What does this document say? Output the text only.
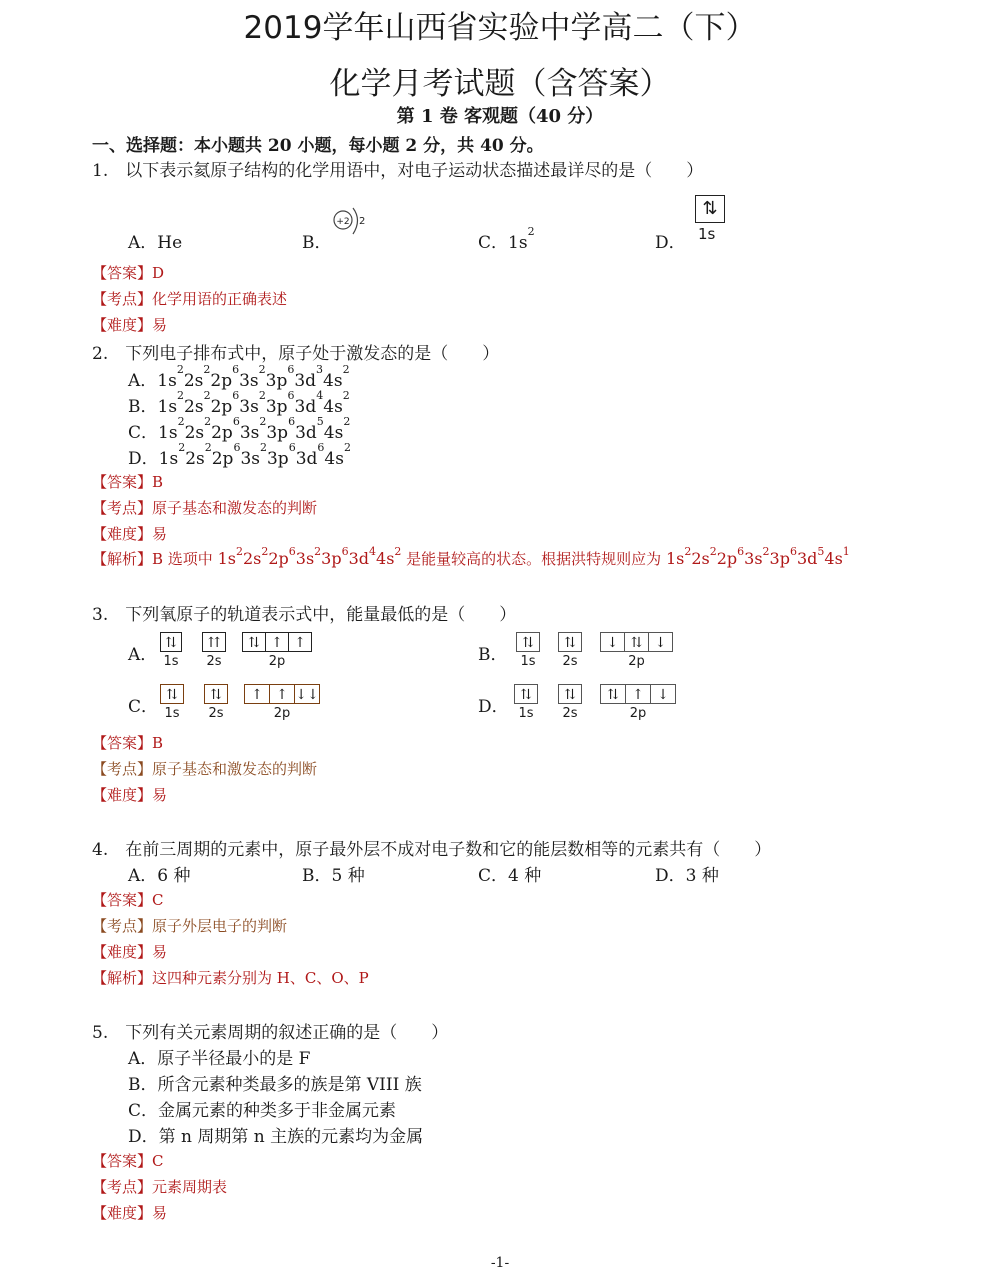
2019学年山西省实验中学高二（下）
化学月考试题（含答案）
第 1 卷 客观题（40 分）
一、选择题：本小题共 20 小题，每小题 2 分，共 40 分。
1.　以下表示氦原子结构的化学用语中，对电子运动状态描述最详尽的是（　　）
A．He	B．
+2 2
C．$1s^2$
D．
⇅
1s
【答案】D
【考点】化学用语的正确表述
【难度】易
2.　下列电子排布式中，原子处于激发态的是（　　）
A．$1s^22s^22p^63s^23p^63d^34s^2$
B．$1s^22s^22p^63s^23p^63d^44s^2$
C．$1s^22s^22p^63s^23p^63d^54s^2$
D．$1s^22s^22p^63s^23p^63d^64s^2$
【答案】B
【考点】原子基态和激发态的判断
【难度】易
【解析】B 选项中 $1s^22s^22p^63s^23p^63d^44s^2$ 是能量较高的状态。根据洪特规则应为 $1s^22s^22p^63s^23p^63d^54s^1$
3.　下列氧原子的轨道表示式中，能量最低的是（　　）
A．
⇅	⇈	⇅ ↑ ↑
1s	2s	2p	B．
⇅	⇅	↓ ⇅ ↓
1s	2s	2p
C．
⇅	⇅	↑ ↑ ↓↓
1s	2s	2p	D．
⇅	⇅	⇅ ↑ ↓
1s	2s	2p
【答案】B
【考点】原子基态和激发态的判断
【难度】易
4.　在前三周期的元素中，原子最外层不成对电子数和它的能层数相等的元素共有（　　）
A．6 种	B．5 种	C．4 种	D．3 种
【答案】C
【考点】原子外层电子的判断
【难度】易
【解析】这四种元素分别为 H、C、O、P
5.　下列有关元素周期的叙述正确的是（　　）
A．原子半径最小的是 F
B．所含元素种类最多的族是第 VIII 族
C．金属元素的种类多于非金属元素
D．第 n 周期第 n 主族的元素均为金属
【答案】C
【考点】元素周期表
【难度】易
-1-
